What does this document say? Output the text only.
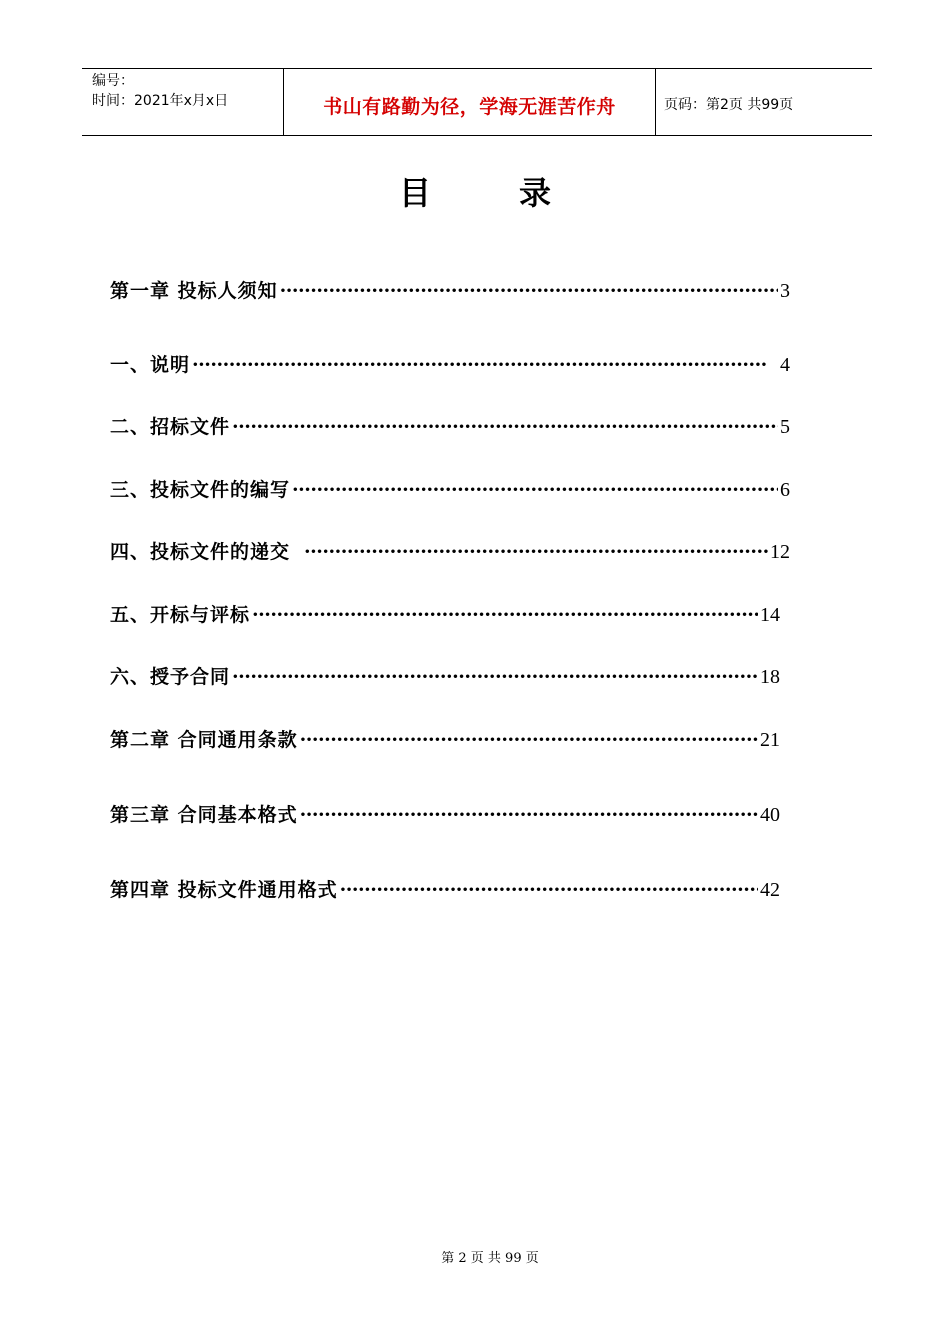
编号：
时间：2021年x月x日	书山有路勤为径，学海无涯苦作舟	页码：第2页 共99页
目	录
第一章 投标人须知 ·····	3
一、说明 ·····	4
二、招标文件 ·····	5
三、投标文件的编写 ·····	6
四、投标文件的递交 ·····	12
五、开标与评标 ·····	14
六、授予合同 ·····	18
第二章 合同通用条款 ·····	21
第三章 合同基本格式 ·····	40
第四章 投标文件通用格式 ·····	42
第 2 页 共 99 页
